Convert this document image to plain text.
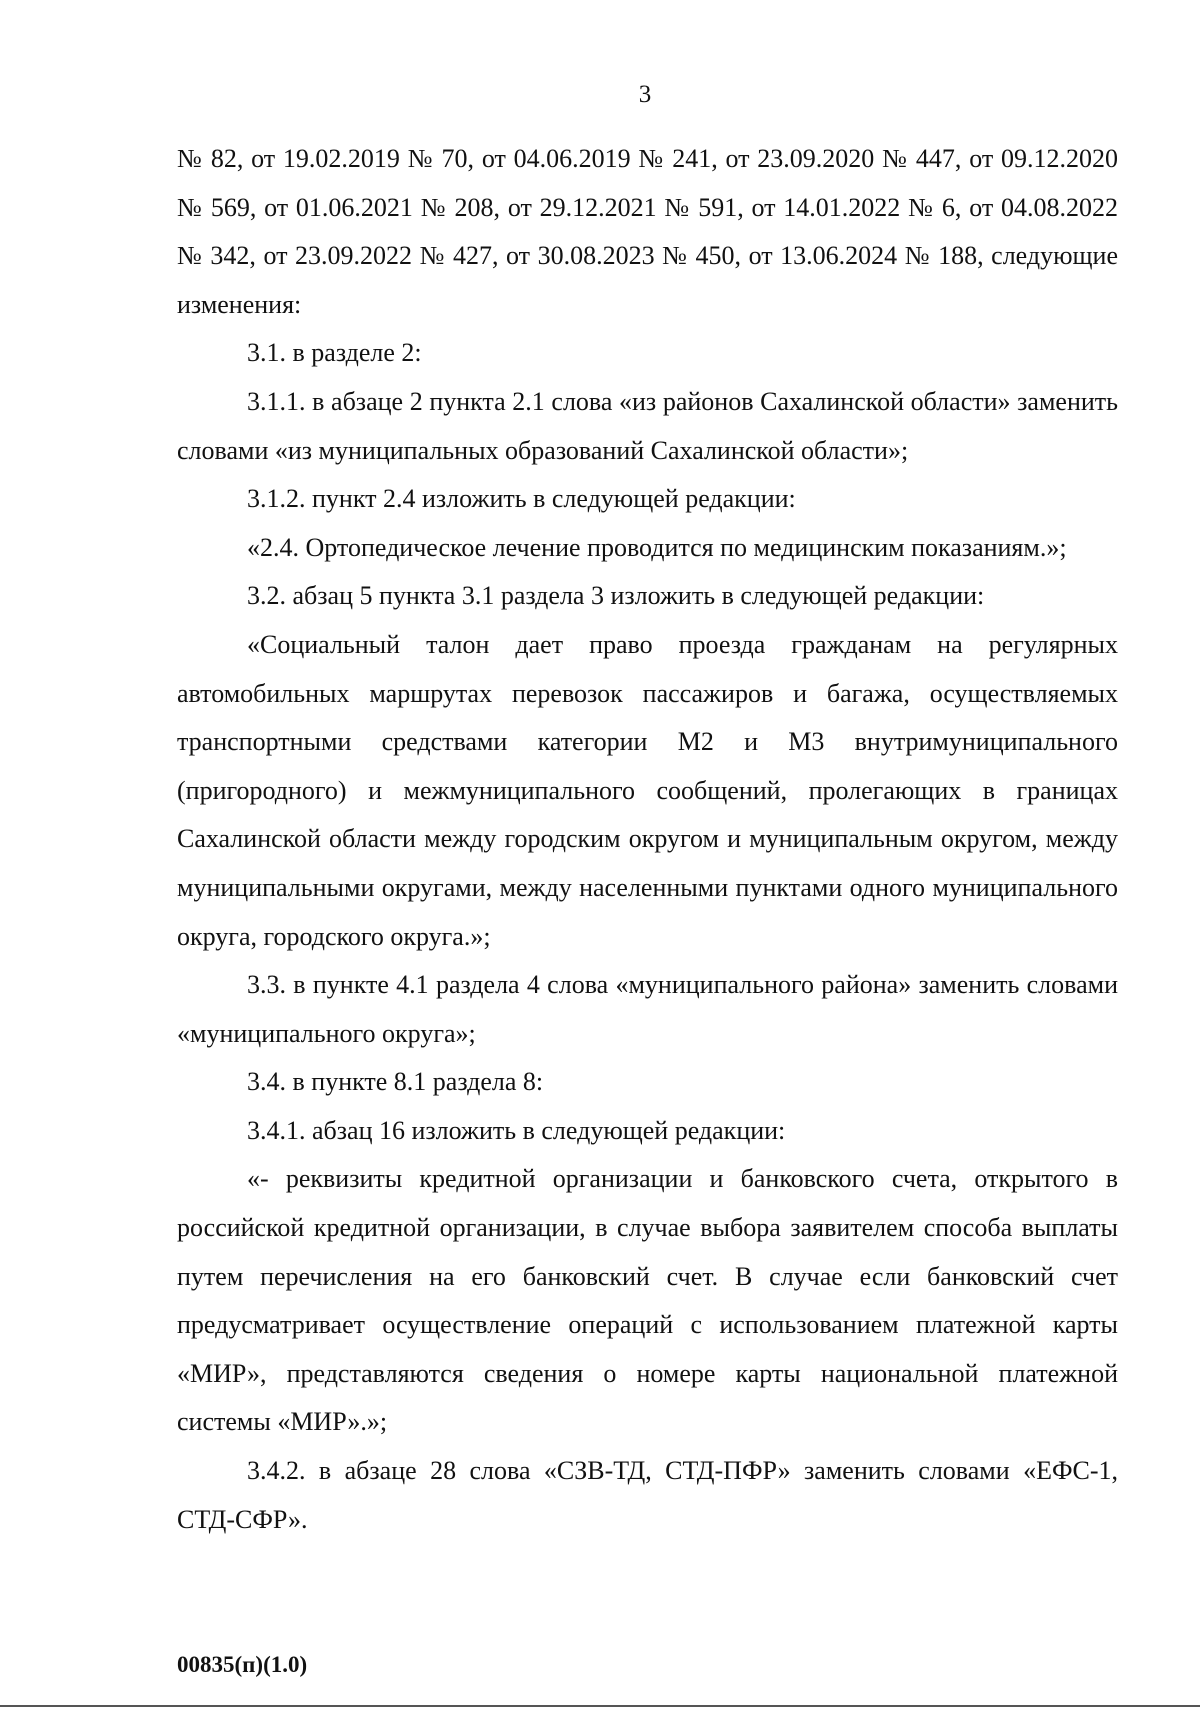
3

№ 82, от 19.02.2019 № 70, от 04.06.2019 № 241, от 23.09.2020 № 447, от 09.12.2020 № 569, от 01.06.2021 № 208, от 29.12.2021 № 591, от 14.01.2022 № 6, от 04.08.2022 № 342, от 23.09.2022 № 427, от 30.08.2023 № 450, от 13.06.2024 № 188, следующие изменения:

3.1. в разделе 2:

3.1.1. в абзаце 2 пункта 2.1 слова «из районов Сахалинской области» заменить словами «из муниципальных образований Сахалинской области»;

3.1.2. пункт 2.4 изложить в следующей редакции:

«2.4. Ортопедическое лечение проводится по медицинским показаниям.»;

3.2. абзац 5 пункта 3.1 раздела 3 изложить в следующей редакции:

«Социальный талон дает право проезда гражданам на регулярных автомобильных маршрутах перевозок пассажиров и багажа, осуществляемых транспортными средствами категории М2 и М3 внутримуниципального (пригородного) и межмуниципального сообщений, пролегающих в границах Сахалинской области между городским округом и муниципальным округом, между муниципальными округами, между населенными пунктами одного муниципального округа, городского округа.»;

3.3. в пункте 4.1 раздела 4 слова «муниципального района» заменить словами «муниципального округа»;

3.4. в пункте 8.1 раздела 8:

3.4.1. абзац 16 изложить в следующей редакции:

«- реквизиты кредитной организации и банковского счета, открытого в российской кредитной организации, в случае выбора заявителем способа выплаты путем перечисления на его банковский счет. В случае если банковский счет предусматривает осуществление операций с использованием платежной карты «МИР», представляются сведения о номере карты национальной платежной системы «МИР».»;

3.4.2. в абзаце 28 слова «СЗВ-ТД, СТД-ПФР» заменить словами «ЕФС-1, СТД-СФР».

00835(п)(1.0)
